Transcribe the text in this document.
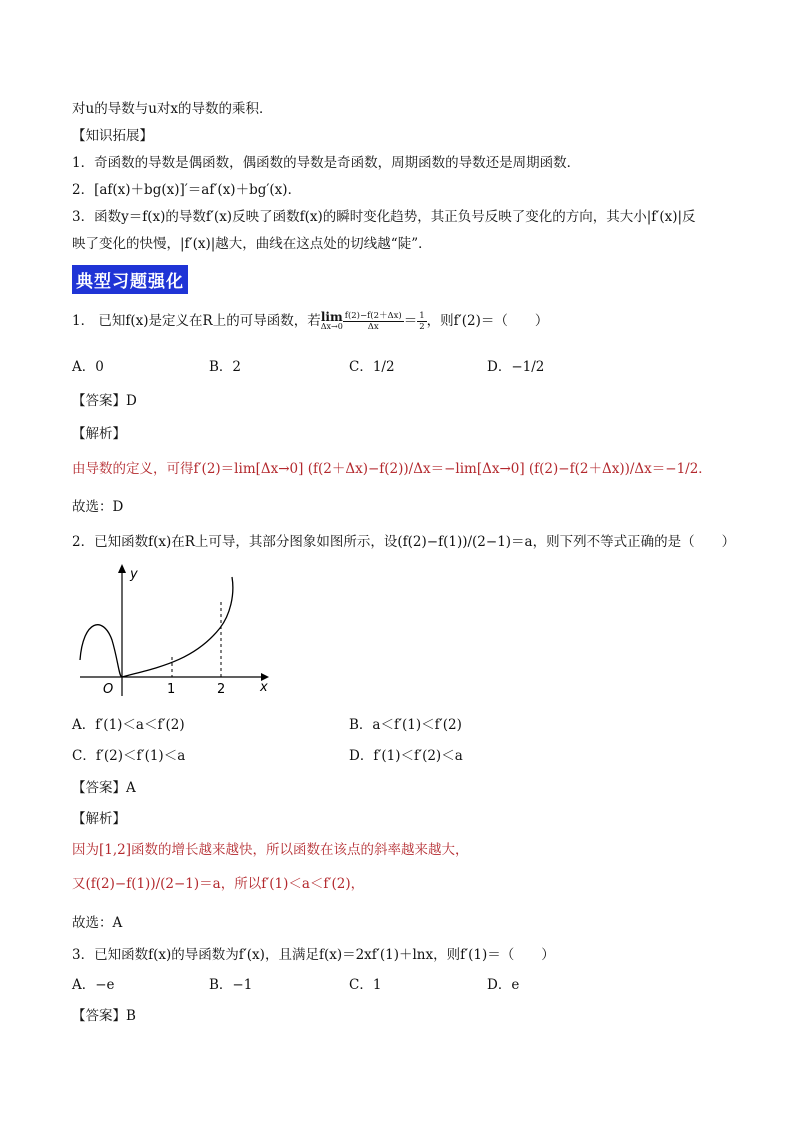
对u的导数与u对x的导数的乘积．
【知识拓展】
1．奇函数的导数是偶函数，偶函数的导数是奇函数，周期函数的导数还是周期函数．
2．[af(x)＋bg(x)]′＝af′(x)＋bg′(x)．
3．函数y＝f(x)的导数f′(x)反映了函数f(x)的瞬时变化趋势，其正负号反映了变化的方向，其大小|f′(x)|反
映了变化的快慢，|f′(x)|越大，曲线在这点处的切线越“陡”．
典型习题强化
1． 已知f(x)是定义在R上的可导函数，若 lim
$\Delta x\to 0 \frac{f(2)-f(2+\Delta x)}{\Delta x} = \frac{1}{2}$ ，则f′(2)＝（　　）
A．0	B．2	C．1/2	D．−1/2
【答案】D
【解析】
由导数的定义，可得f′(2)＝lim[Δx→0] (f(2＋Δx)−f(2))/Δx＝−lim[Δx→0] (f(2)−f(2＋Δx))/Δx＝−1/2．
故选：D
2．已知函数f(x)在R上可导，其部分图象如图所示，设(f(2)−f(1))/(2−1)＝a，则下列不等式正确的是（　　）
y
x
O	1	2
A．f′(1)＜a＜f′(2)	B．a＜f′(1)＜f′(2)
C．f′(2)＜f′(1)＜a	D．f′(1)＜f′(2)＜a
【答案】A
【解析】
因为[1,2]函数的增长越来越快，所以函数在该点的斜率越来越大，
又(f(2)−f(1))/(2−1)＝a，所以f′(1)＜a＜f′(2)，
故选：A
3．已知函数f(x)的导函数为f′(x)，且满足f(x)＝2xf′(1)＋lnx，则f′(1)＝（　　）
A．−e	B．−1	C．1	D．e
【答案】B
